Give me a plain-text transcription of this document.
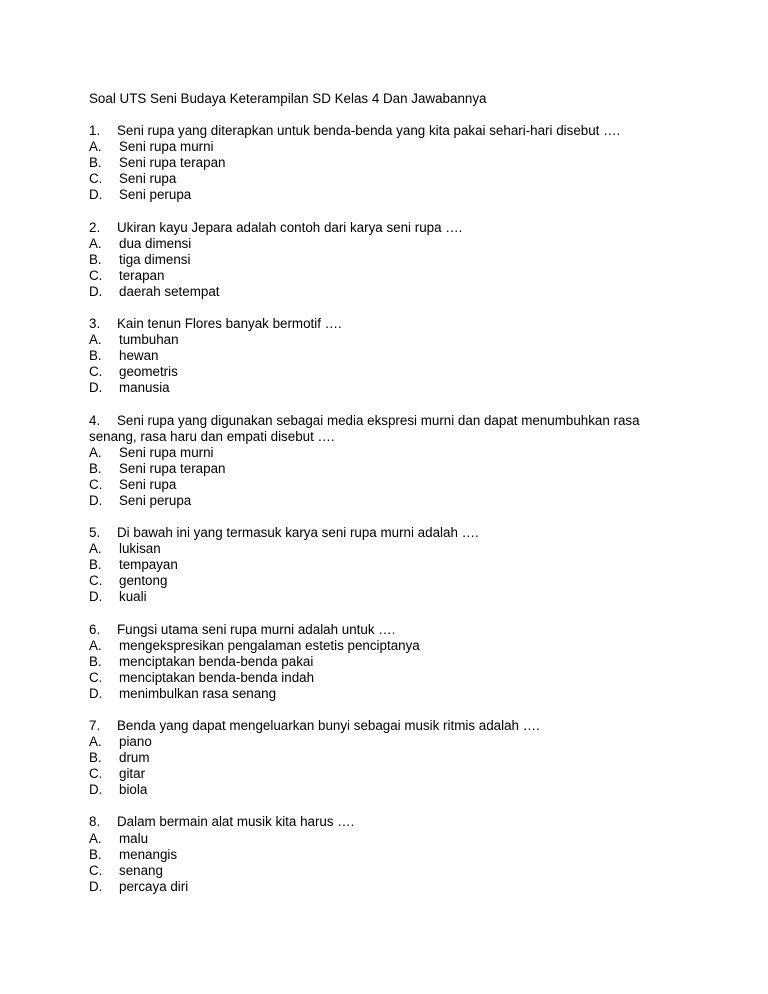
Soal UTS Seni Budaya Keterampilan SD Kelas 4 Dan Jawabannya
1.	Seni rupa yang diterapkan untuk benda-benda yang kita pakai sehari-hari disebut ….
A.	Seni rupa murni
B.	Seni rupa terapan
C.	Seni rupa
D.	Seni perupa
2.	Ukiran kayu Jepara adalah contoh dari karya seni rupa ….
A.	dua dimensi
B.	tiga dimensi
C.	terapan
D.	daerah setempat
3.	Kain tenun Flores banyak bermotif ….
A.	tumbuhan
B.	hewan
C.	geometris
D.	manusia
4.	Seni rupa yang digunakan sebagai media ekspresi murni dan dapat menumbuhkan rasa
senang, rasa haru dan empati disebut ….
A.	Seni rupa murni
B.	Seni rupa terapan
C.	Seni rupa
D.	Seni perupa
5.	Di bawah ini yang termasuk karya seni rupa murni adalah ….
A.	lukisan
B.	tempayan
C.	gentong
D.	kuali
6.	Fungsi utama seni rupa murni adalah untuk ….
A.	mengekspresikan pengalaman estetis penciptanya
B.	menciptakan benda-benda pakai
C.	menciptakan benda-benda indah
D.	menimbulkan rasa senang
7.	Benda yang dapat mengeluarkan bunyi sebagai musik ritmis adalah ….
A.	piano
B.	drum
C.	gitar
D.	biola
8.	Dalam bermain alat musik kita harus ….
A.	malu
B.	menangis
C.	senang
D.	percaya diri
